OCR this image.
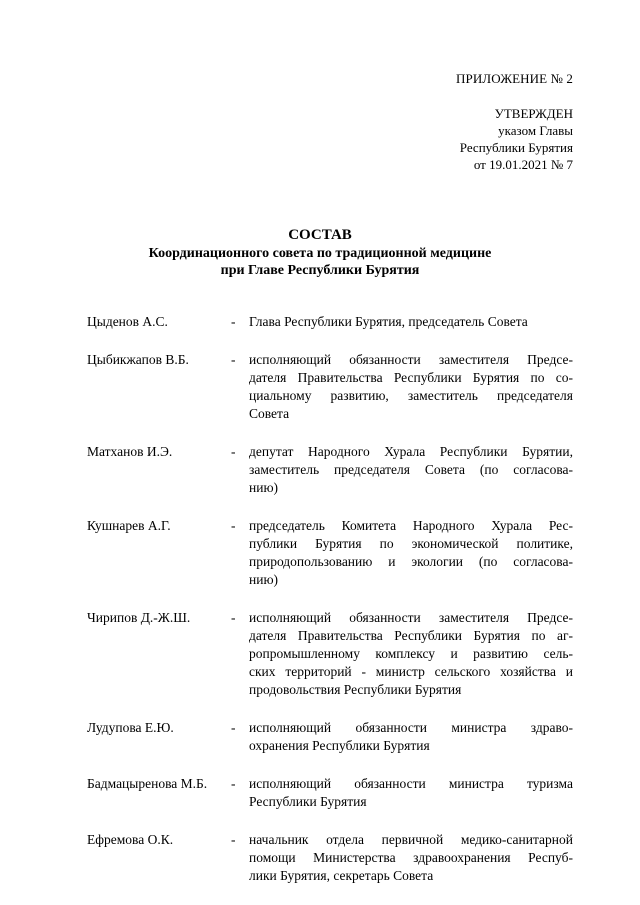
ПРИЛОЖЕНИЕ № 2
УТВЕРЖДЕН
указом Главы
Республики Бурятия
от 19.01.2021 № 7
СОСТАВ
Координационного совета по традиционной медицине
при Главе Республики Бурятия
Цыденов А.С.	-	Глава Республики Бурятия, председатель Совета
Цыбикжапов В.Б.	-	исполняющий обязанности заместителя Предсе-
дателя Правительства Республики Бурятия по со-
циальному развитию, заместитель председателя
Совета
Матханов И.Э.	-	депутат Народного Хурала Республики Бурятии,
заместитель председателя Совета (по согласова-
нию)
Кушнарев А.Г.	-	председатель Комитета Народного Хурала Рес-
публики Бурятия по экономической политике,
природопользованию и экологии (по согласова-
нию)
Чирипов Д.-Ж.Ш.	-	исполняющий обязанности заместителя Предсе-
дателя Правительства Республики Бурятия по аг-
ропромышленному комплексу и развитию сель-
ских территорий - министр сельского хозяйства и
продовольствия Республики Бурятия
Лудупова Е.Ю.	-	исполняющий обязанности министра здраво-
охранения Республики Бурятия
Бадмацыренова М.Б.	-	исполняющий обязанности министра туризма
Республики Бурятия
Ефремова О.К.	-	начальник отдела первичной медико-санитарной
помощи Министерства здравоохранения Респуб-
лики Бурятия, секретарь Совета
